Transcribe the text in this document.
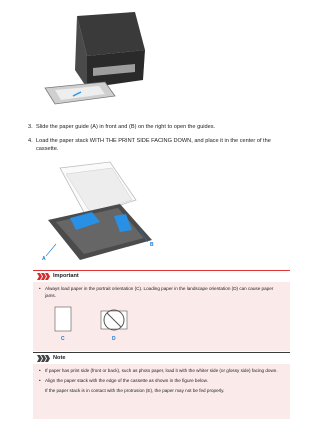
3. Slide the paper guide (A) in front and (B) on the right to open the guides.
4. Load the paper stack WITH THE PRINT SIDE FACING DOWN, and place it in the center of the cassette.
A
B
Important
• Always load paper in the portrait orientation (C). Loading paper in the landscape orientation (D) can cause paper jams.
C	D
Note
• If paper has print side (front or back), such as photo paper, load it with the whiter side (or glossy side) facing down.
• Align the paper stack with the edge of the cassette as shown in the figure below.
If the paper stack is in contact with the protrusion (E), the paper may not be fed properly.
